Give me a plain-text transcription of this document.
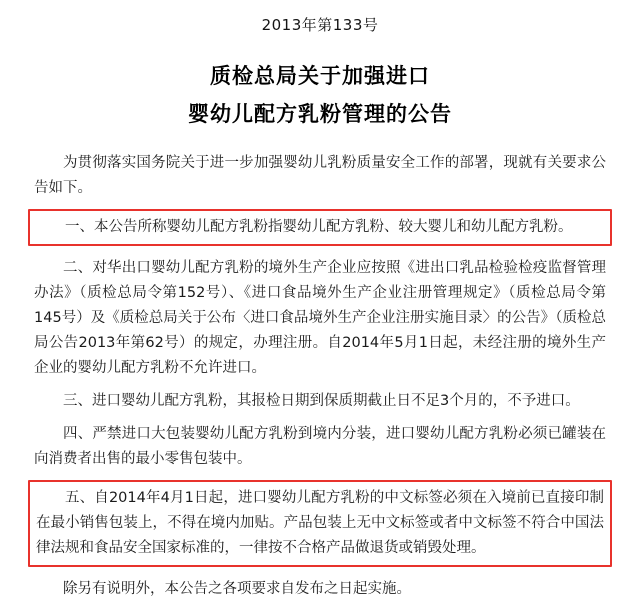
2013年第133号
质检总局关于加强进口
婴幼儿配方乳粉管理的公告

为贯彻落实国务院关于进一步加强婴幼儿乳粉质量安全工作的部署，现就有关要求公告如下。

一、本公告所称婴幼儿配方乳粉指婴幼儿配方乳粉、较大婴儿和幼儿配方乳粉。

二、对华出口婴幼儿配方乳粉的境外生产企业应按照《进出口乳品检验检疫监督管理办法》（质检总局令第152号）、《进口食品境外生产企业注册管理规定》（质检总局令第145号）及《质检总局关于公布〈进口食品境外生产企业注册实施目录〉的公告》（质检总局公告2013年第62号）的规定，办理注册。自2014年5月1日起，未经注册的境外生产企业的婴幼儿配方乳粉不允许进口。

三、进口婴幼儿配方乳粉，其报检日期到保质期截止日不足3个月的，不予进口。

四、严禁进口大包装婴幼儿配方乳粉到境内分装，进口婴幼儿配方乳粉必须已罐装在向消费者出售的最小零售包装中。

五、自2014年4月1日起，进口婴幼儿配方乳粉的中文标签必须在入境前已直接印制在最小销售包装上，不得在境内加贴。产品包装上无中文标签或者中文标签不符合中国法律法规和食品安全国家标准的，一律按不合格产品做退货或销毁处理。

除另有说明外，本公告之各项要求自发布之日起实施。
